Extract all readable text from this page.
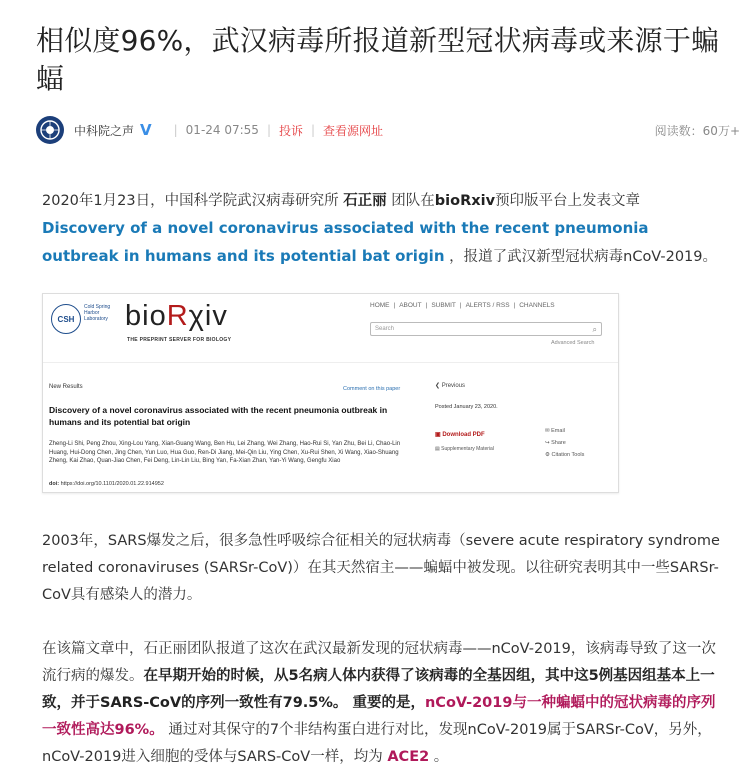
相似度96%，武汉病毒所报道新型冠状病毒或来源于蝙蝠
中科院之声 V | 01-24 07:55 | 投诉 | 查看源网址	阅读数：60万+

2020年1月23日，中国科学院武汉病毒研究所 石正丽 团队在bioRxiv预印版平台上发表文章
Discovery of a novel coronavirus associated with the recent pneumonia outbreak in humans and its potential bat origin ，报道了武汉新型冠状病毒nCoV-2019。

CSH
Cold Spring Harbor Laboratory bioRχiv
THE PREPRINT SERVER FOR BIOLOGY
HOME | ABOUT | SUBMIT | ALERTS / RSS | CHANNELS
Search	⌕
Advanced Search
New Results	Comment on this paper
Discovery of a novel coronavirus associated with the recent pneumonia outbreak in humans and its potential bat origin
Zheng-Li Shi, Peng Zhou, Xing-Lou Yang, Xian-Guang Wang, Ben Hu, Lei Zhang, Wei Zhang, Hao-Rui Si, Yan Zhu, Bei Li, Chao-Lin Huang, Hui-Dong Chen, Jing Chen, Yun Luo, Hua Guo, Ren-Di Jiang, Mei-Qin Liu, Ying Chen, Xu-Rui Shen, Xi Wang, Xiao-Shuang Zheng, Kai Zhao, Quan-Jiao Chen, Fei Deng, Lin-Lin Liu, Bing Yan, Fa-Xian Zhan, Yan-Yi Wang, Gengfu Xiao
doi: https://doi.org/10.1101/2020.01.22.914952
❮ Previous
Posted January 23, 2020.
▣ Download PDF
▤ Supplementary Material
✉ Email
↪ Share
⚙ Citation Tools

2003年，SARS爆发之后，很多急性呼吸综合征相关的冠状病毒（severe acute respiratory syndrome related coronaviruses (SARSr-CoV)）在其天然宿主——蝙蝠中被发现。以往研究表明其中一些SARSr-CoV具有感染人的潜力。

在该篇文章中，石正丽团队报道了这次在武汉最新发现的冠状病毒——nCoV-2019，该病毒导致了这一次流行病的爆发。在早期开始的时候，从5名病人体内获得了该病毒的全基因组，其中这5例基因组基本上一致，并于SARS-CoV的序列一致性有79.5%。 重要的是，nCoV-2019与一种蝙蝠中的冠状病毒的序列一致性高达96%。 通过对其保守的7个非结构蛋白进行对比，发现nCoV-2019属于SARSr-CoV，另外，nCoV-2019进入细胞的受体与SARS-CoV一样，均为 ACE2 。
